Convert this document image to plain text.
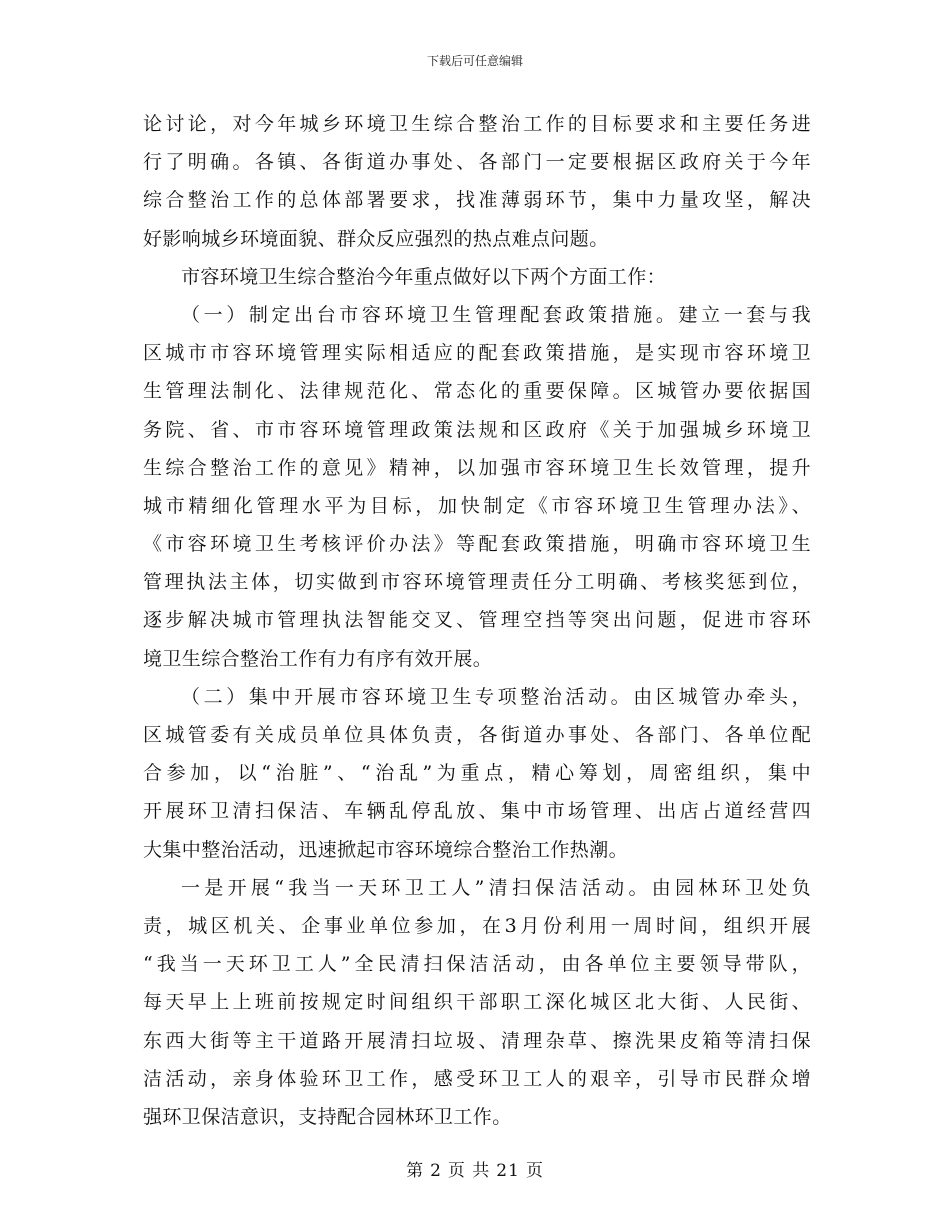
下载后可任意编辑
论讨论，对今年城乡环境卫生综合整治工作的目标要求和主要任务进
行了明确。各镇、各街道办事处、各部门一定要根据区政府关于今年
综合整治工作的总体部署要求，找准薄弱环节，集中力量攻坚，解决
好影响城乡环境面貌、群众反应强烈的热点难点问题。
市容环境卫生综合整治今年重点做好以下两个方面工作：
（一）制定出台市容环境卫生管理配套政策措施。建立一套与我
区城市市容环境管理实际相适应的配套政策措施，是实现市容环境卫
生管理法制化、法律规范化、常态化的重要保障。区城管办要依据国
务院、省、市市容环境管理政策法规和区政府《关于加强城乡环境卫
生综合整治工作的意见》精神，以加强市容环境卫生长效管理，提升
城市精细化管理水平为目标，加快制定《市容环境卫生管理办法》、
《市容环境卫生考核评价办法》等配套政策措施，明确市容环境卫生
管理执法主体，切实做到市容环境管理责任分工明确、考核奖惩到位，
逐步解决城市管理执法智能交叉、管理空挡等突出问题，促进市容环
境卫生综合整治工作有力有序有效开展。
（二）集中开展市容环境卫生专项整治活动。由区城管办牵头，
区城管委有关成员单位具体负责，各街道办事处、各部门、各单位配
合参加，以“治脏”、“治乱”为重点，精心筹划，周密组织，集中
开展环卫清扫保洁、车辆乱停乱放、集中市场管理、出店占道经营四
大集中整治活动，迅速掀起市容环境综合整治工作热潮。
一是开展“我当一天环卫工人”清扫保洁活动。由园林环卫处负
责，城区机关、企事业单位参加，在3月份利用一周时间，组织开展
“我当一天环卫工人”全民清扫保洁活动，由各单位主要领导带队，
每天早上上班前按规定时间组织干部职工深化城区北大街、人民街、
东西大街等主干道路开展清扫垃圾、清理杂草、擦洗果皮箱等清扫保
洁活动，亲身体验环卫工作，感受环卫工人的艰辛，引导市民群众增
强环卫保洁意识，支持配合园林环卫工作。
第 2 页 共 21 页
